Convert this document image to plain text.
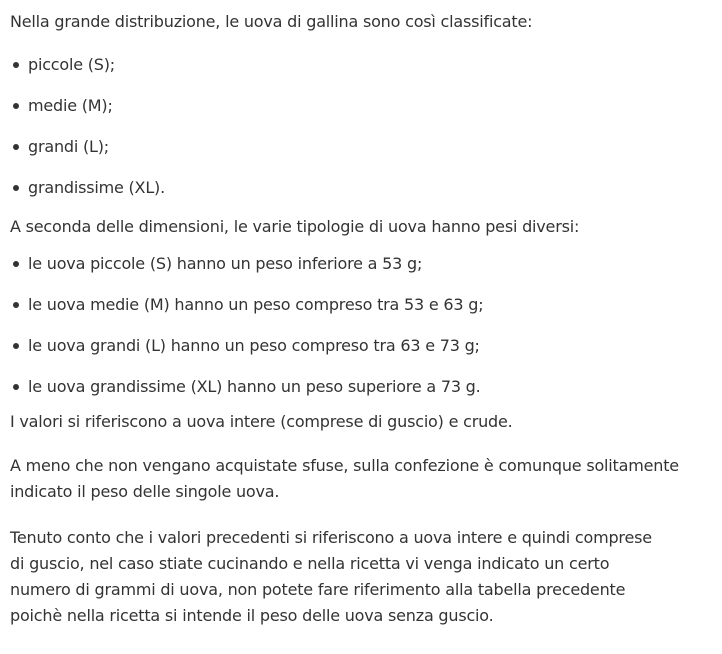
Nella grande distribuzione, le uova di gallina sono così classificate:

piccole (S);
medie (M);
grandi (L);
grandissime (XL).

A seconda delle dimensioni, le varie tipologie di uova hanno pesi diversi:

le uova piccole (S) hanno un peso inferiore a 53 g;
le uova medie (M) hanno un peso compreso tra 53 e 63 g;
le uova grandi (L) hanno un peso compreso tra 63 e 73 g;
le uova grandissime (XL) hanno un peso superiore a 73 g.

I valori si riferiscono a uova intere (comprese di guscio) e crude.

A meno che non vengano acquistate sfuse, sulla confezione è comunque solitamente
indicato il peso delle singole uova.

Tenuto conto che i valori precedenti si riferiscono a uova intere e quindi comprese
di guscio, nel caso stiate cucinando e nella ricetta vi venga indicato un certo
numero di grammi di uova, non potete fare riferimento alla tabella precedente
poichè nella ricetta si intende il peso delle uova senza guscio.
